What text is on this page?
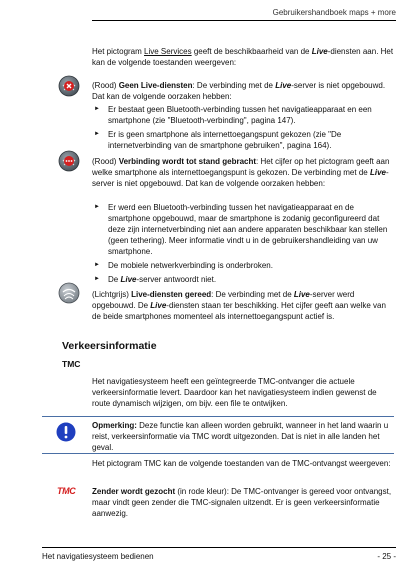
Gebruikershandboek maps + more

Het pictogram Live Services geeft de beschikbaarheid van de Live-diensten aan. Het kan de volgende toestanden weergeven:

(Rood) Geen Live-diensten: De verbinding met de Live-server is niet opgebouwd. Dat kan de volgende oorzaken hebben:

► Er bestaat geen Bluetooth-verbinding tussen het navigatieapparaat en een smartphone (zie "Bluetooth-verbinding", pagina 147).
► Er is geen smartphone als internettoegangspunt gekozen (zie "De internetverbinding van de smartphone gebruiken", pagina 164).

(Rood) Verbinding wordt tot stand gebracht: Het cijfer op het pictogram geeft aan welke smartphone als internettoegangspunt is gekozen. De verbinding met de Live-server is niet opgebouwd. Dat kan de volgende oorzaken hebben:

► Er werd een Bluetooth-verbinding tussen het navigatieapparaat en de smartphone opgebouwd, maar de smartphone is zodanig geconfigureerd dat deze zijn internetverbinding niet aan andere apparaten beschikbaar kan stellen (geen tethering). Meer informatie vindt u in de gebruikershandleiding van uw smartphone.
► De mobiele netwerkverbinding is onderbroken.
► De Live-server antwoordt niet.

(Lichtgrijs) Live-diensten gereed: De verbinding met de Live-server werd opgebouwd. De Live-diensten staan ter beschikking. Het cijfer geeft aan welke van de beide smartphones momenteel als internettoegangspunt actief is.

Verkeersinformatie
TMC

Het navigatiesysteem heeft een geïntegreerde TMC-ontvanger die actuele verkeersinformatie levert. Daardoor kan het navigatiesysteem indien gewenst de route dynamisch wijzigen, om bijv. een file te ontwijken.

Opmerking: Deze functie kan alleen worden gebruikt, wanneer in het land waarin u reist, verkeersinformatie via TMC wordt uitgezonden. Dat is niet in alle landen het geval.

Het pictogram TMC kan de volgende toestanden van de TMC-ontvangst weergeven:

TMC	Zender wordt gezocht (in rode kleur): De TMC-ontvanger is gereed voor ontvangst, maar vindt geen zender die TMC-signalen uitzendt. Er is geen verkeersinformatie aanwezig.

Het navigatiesysteem bedienen	- 25 -
